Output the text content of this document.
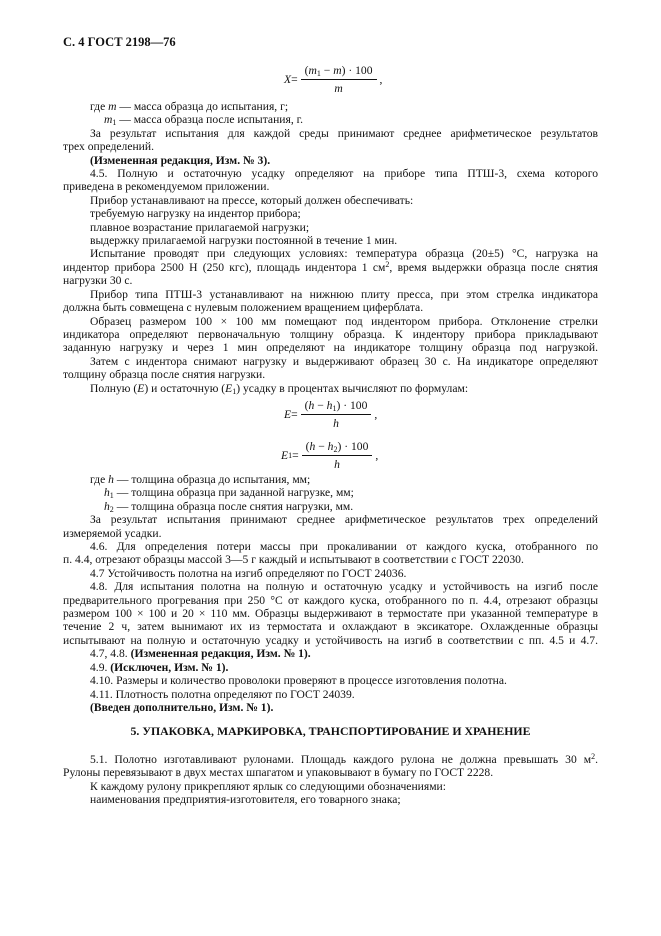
С. 4 ГОСТ 2198—76
$X = \frac{(m_1 - m) \cdot 100}{m}$ ,
где m — масса образца до испытания, г;
$m_1$ — масса образца после испытания, г.
За результат испытания для каждой среды принимают среднее арифметическое результатов
трех определений.
(Измененная редакция, Изм. № 3).
4.5. Полную и остаточную усадку определяют на приборе типа ПТШ-3, схема которого
приведена в рекомендуемом приложении.
Прибор устанавливают на прессе, который должен обеспечивать:
требуемую нагрузку на индентор прибора;
плавное возрастание прилагаемой нагрузки;
выдержку прилагаемой нагрузки постоянной в течение 1 мин.
Испытание проводят при следующих условиях: температура образца (20±5) °С, нагрузка на
индентор прибора 2500 Н (250 кгс), площадь индентора 1 $см^2$, время выдержки образца после снятия
нагрузки 30 с.
Прибор типа ПТШ-3 устанавливают на нижнюю плиту пресса, при этом стрелка индикатора
должна быть совмещена с нулевым положением вращением циферблата.
Образец размером 100 × 100 мм помещают под индентором прибора. Отклонение стрелки
индикатора определяют первоначальную толщину образца. К индентору прибора прикладывают
заданную нагрузку и через 1 мин определяют на индикаторе толщину образца под нагрузкой.
Затем с индентора снимают нагрузку и выдерживают образец 30 с. На индикаторе определяют
толщину образца после снятия нагрузки.
Полную (E) и остаточную $(E_1)$ усадку в процентах вычисляют по формулам:
$E = \frac{(h - h_1) \cdot 100}{h}$ ,
E $1 = \frac{(h - h_2) \cdot 100}{h}$ ,
где h — толщина образца до испытания, мм;
$h_1$ — толщина образца при заданной нагрузке, мм;
$h_2$ — толщина образца после снятия нагрузки, мм.
За результат испытания принимают среднее арифметическое результатов трех определений
измеряемой усадки.
4.6. Для определения потери массы при прокаливании от каждого куска, отобранного по
п. 4.4, отрезают образцы массой 3—5 г каждый и испытывают в соответствии с ГОСТ 22030.
4.7 Устойчивость полотна на изгиб определяют по ГОСТ 24036.
4.8. Для испытания полотна на полную и остаточную усадку и устойчивость на изгиб после
предварительного прогревания при 250 °С от каждого куска, отобранного по п. 4.4, отрезают образцы
размером 100 × 100 и 20 × 110 мм. Образцы выдерживают в термостате при указанной температуре в
течение 2 ч, затем вынимают их из термостата и охлаждают в эксикаторе. Охлажденные образцы
испытывают на полную и остаточную усадку и устойчивость на изгиб в соответствии с пп. 4.5 и 4.7.
4.7, 4.8. (Измененная редакция, Изм. № 1).
4.9. (Исключен, Изм. № 1).
4.10. Размеры и количество проволоки проверяют в процессе изготовления полотна.
4.11. Плотность полотна определяют по ГОСТ 24039.
(Введен дополнительно, Изм. № 1).
5. УПАКОВКА, МАРКИРОВКА, ТРАНСПОРТИРОВАНИЕ И ХРАНЕНИЕ
5.1. Полотно изготавливают рулонами. Площадь каждого рулона не должна превышать 30 $м^2$.
Рулоны перевязывают в двух местах шпагатом и упаковывают в бумагу по ГОСТ 2228.
К каждому рулону прикрепляют ярлык со следующими обозначениями:
наименования предприятия-изготовителя, его товарного знака;
